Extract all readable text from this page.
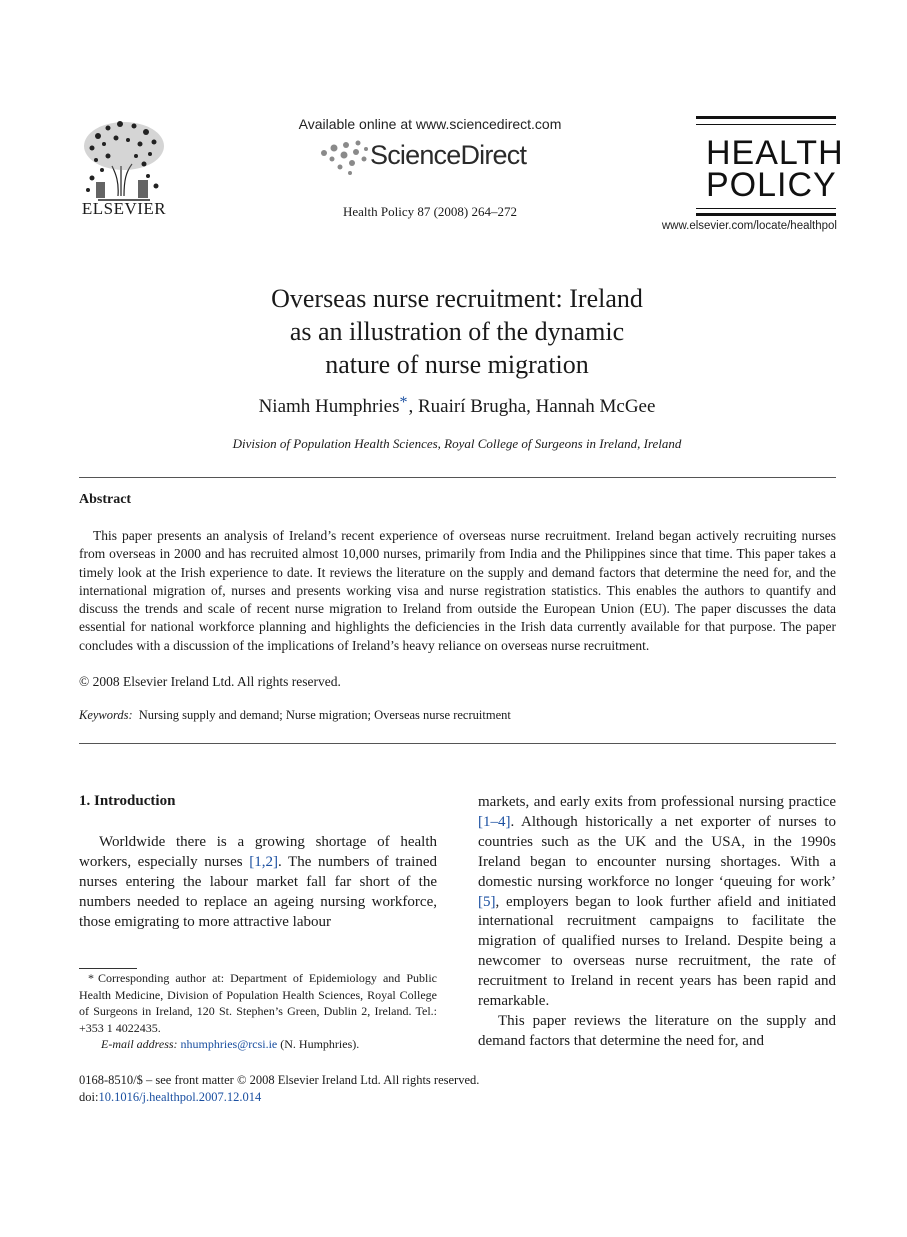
ELSEVIER
Available online at www.sciencedirect.com
ScienceDirect
Health Policy 87 (2008) 264–272
HEALTH
POLICY
www.elsevier.com/locate/healthpol
Overseas nurse recruitment: Ireland
as an illustration of the dynamic
nature of nurse migration
Niamh Humphries*, Ruairí Brugha, Hannah McGee
Division of Population Health Sciences, Royal College of Surgeons in Ireland, Ireland
Abstract

This paper presents an analysis of Ireland’s recent experience of overseas nurse recruitment. Ireland began actively recruiting nurses from overseas in 2000 and has recruited almost 10,000 nurses, primarily from India and the Philippines since that time. This paper takes a timely look at the Irish experience to date. It reviews the literature on the supply and demand factors that determine the need for, and the international migration of, nurses and presents working visa and nurse registration statistics. This enables the authors to quantify and discuss the trends and scale of recent nurse migration to Ireland from outside the European Union (EU). The paper discusses the data essential for national workforce planning and highlights the deficiencies in the Irish data currently available for that purpose. The paper concludes with a discussion of the implications of Ireland’s heavy reliance on overseas nurse recruitment.

© 2008 Elsevier Ireland Ltd. All rights reserved.
Keywords: Nursing supply and demand; Nurse migration; Overseas nurse recruitment
1. Introduction

Worldwide there is a growing shortage of health workers, especially nurses [1,2]. The numbers of trained nurses entering the labour market fall far short of the numbers needed to replace an ageing nursing workforce, those emigrating to more attractive labour

markets, and early exits from professional nursing practice [1–4]. Although historically a net exporter of nurses to countries such as the UK and the USA, in the 1990s Ireland began to encounter nursing shortages. With a domestic nursing workforce no longer ‘queuing for work’ [5], employers began to look further afield and initiated international recruitment campaigns to facilitate the migration of qualified nurses to Ireland. Despite being a newcomer to overseas nurse recruitment, the rate of recruitment to Ireland in recent years has been rapid and remarkable.

This paper reviews the literature on the supply and demand factors that determine the need for, and

* Corresponding author at: Department of Epidemiology and Public Health Medicine, Division of Population Health Sciences, Royal College of Surgeons in Ireland, 120 St. Stephen’s Green, Dublin 2, Ireland. Tel.: +353 1 4022435.

E-mail address: nhumphries@rcsi.ie (N. Humphries).

0168-8510/$ – see front matter © 2008 Elsevier Ireland Ltd. All rights reserved.
doi:10.1016/j.healthpol.2007.12.014
